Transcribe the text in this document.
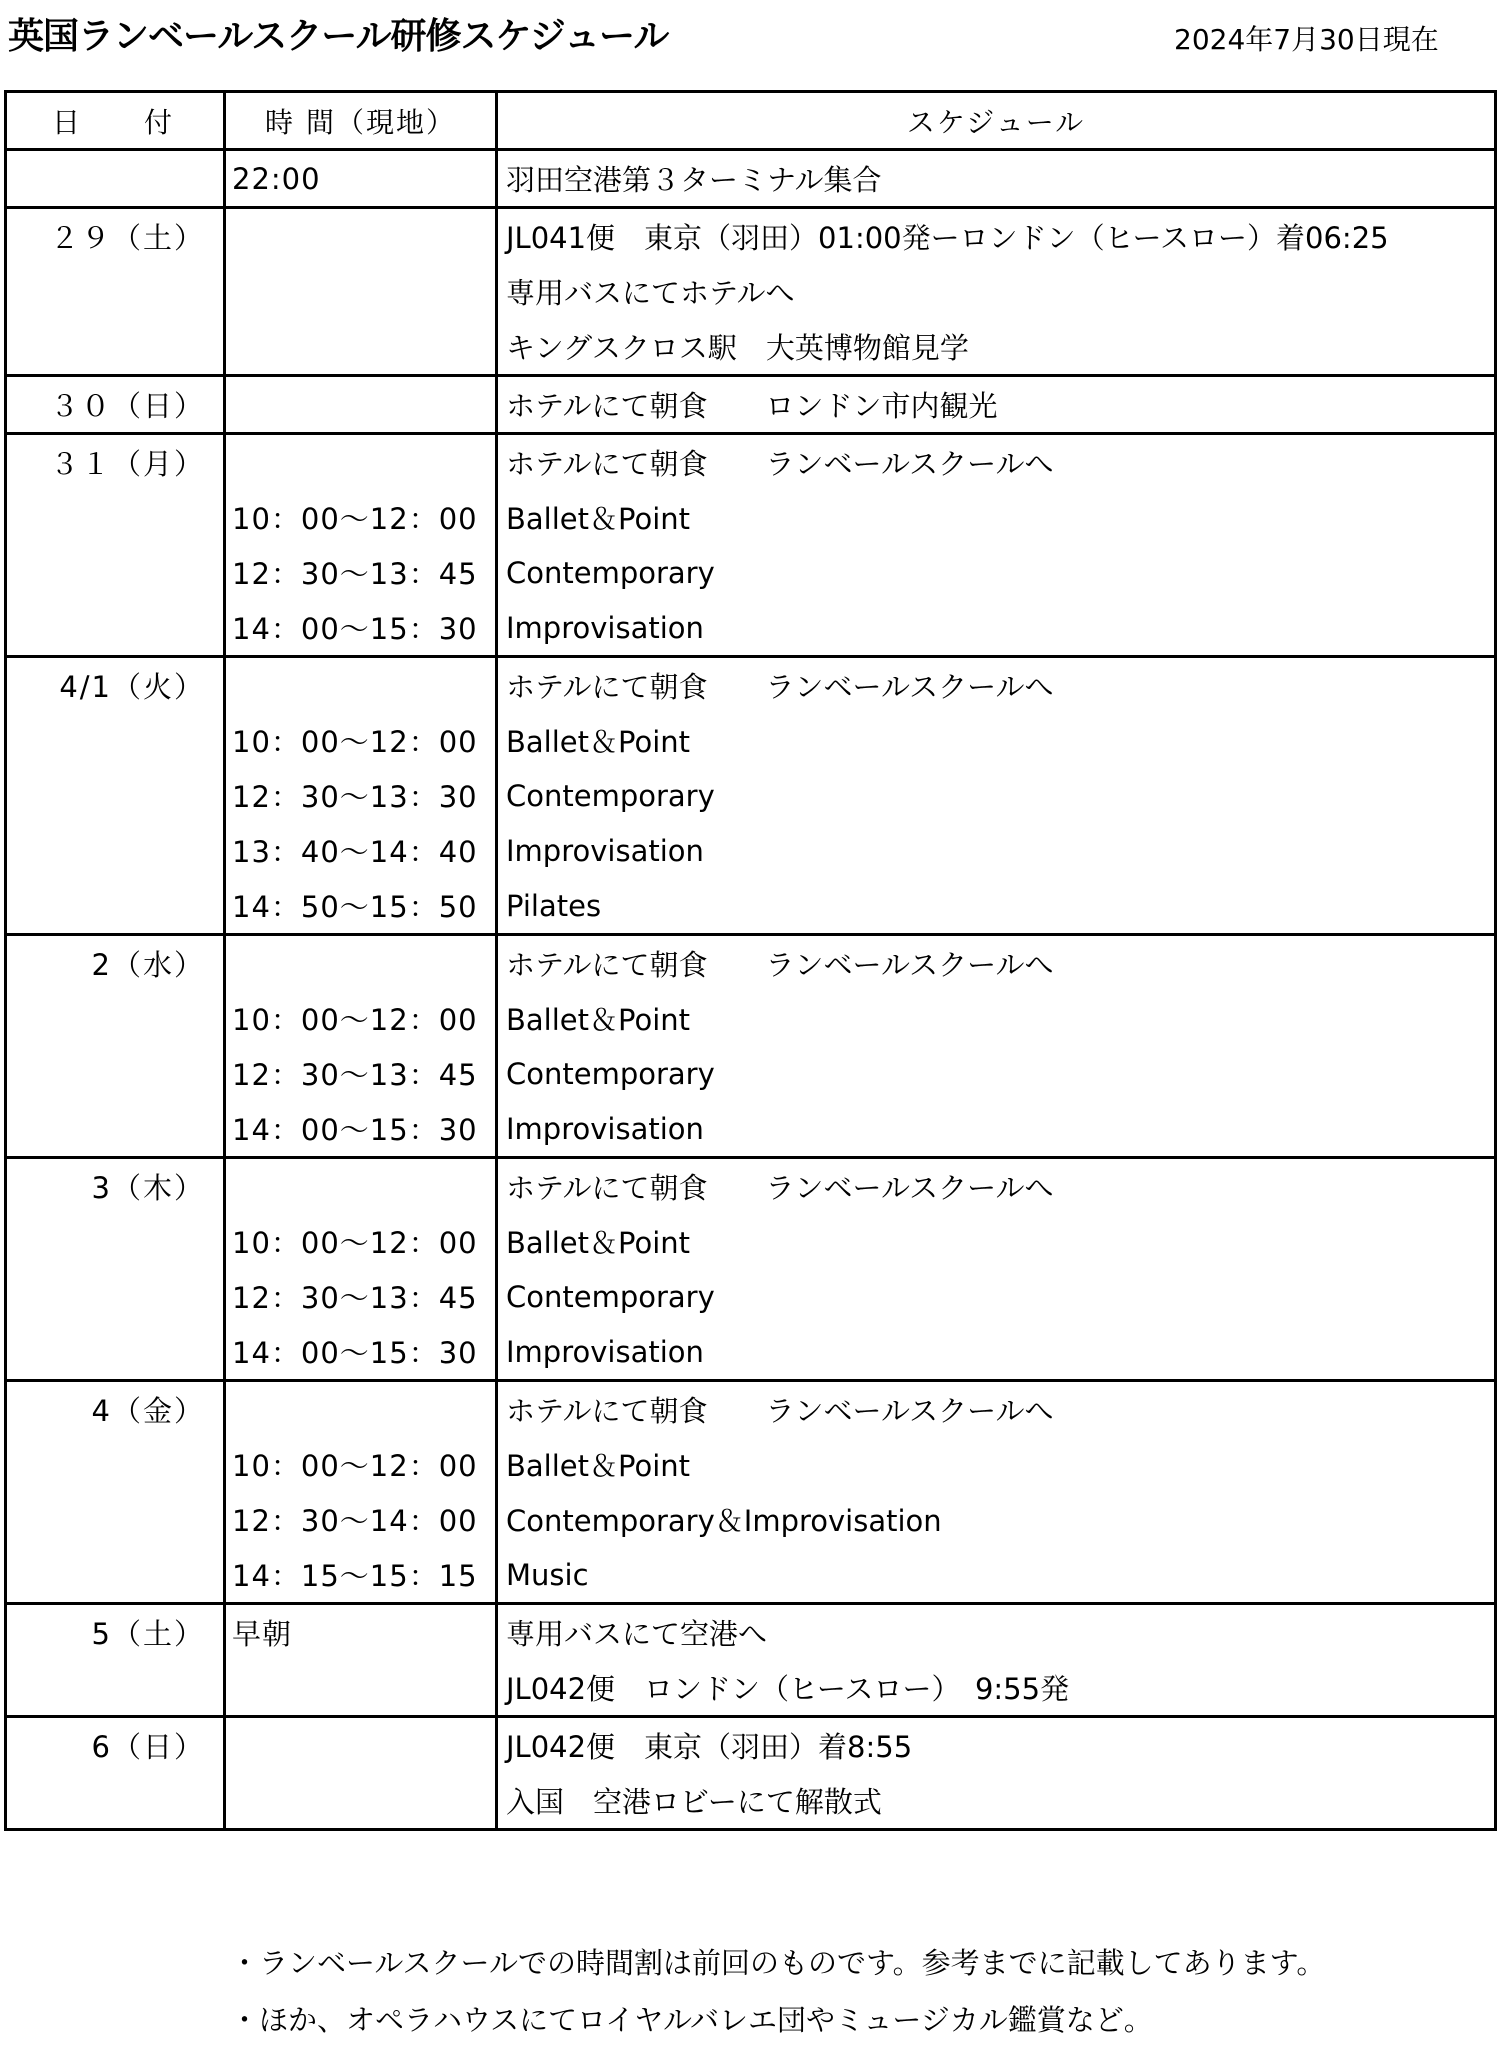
英国ランベールスクール研修スケジュール	2024年7月30日現在
日　付	時 間（現地）	スケジュール
	22:00	羽田空港第３ターミナル集合
２９（土）		JL041便　東京（羽田）01:00発ーロンドン（ヒースロー）着06:25
		専用バスにてホテルへ
		キングスクロス駅　大英博物館見学
３０（日）		ホテルにて朝食　　ロンドン市内観光
３１（月）		ホテルにて朝食　　ランベールスクールへ
	10：00～12：00	Ballet＆Point
	12：30～13：45	Contemporary
	14：00～15：30	Improvisation
4/1（火）		ホテルにて朝食　　ランベールスクールへ
	10：00～12：00	Ballet＆Point
	12：30～13：30	Contemporary
	13：40～14：40	Improvisation
	14：50～15：50	Pilates
2（水）		ホテルにて朝食　　ランベールスクールへ
	10：00～12：00	Ballet＆Point
	12：30～13：45	Contemporary
	14：00～15：30	Improvisation
3（木）		ホテルにて朝食　　ランベールスクールへ
	10：00～12：00	Ballet＆Point
	12：30～13：45	Contemporary
	14：00～15：30	Improvisation
4（金）		ホテルにて朝食　　ランベールスクールへ
	10：00～12：00	Ballet＆Point
	12：30～14：00	Contemporary＆Improvisation
	14：15～15：15	Music
5（土）	早朝	専用バスにて空港へ
		JL042便　ロンドン（ヒースロー）　9:55発
6（日）		JL042便　東京（羽田）着8:55
		入国　空港ロビーにて解散式
・ランベールスクールでの時間割は前回のものです。参考までに記載してあります。
・ほか、オペラハウスにてロイヤルバレエ団やミュージカル鑑賞など。
